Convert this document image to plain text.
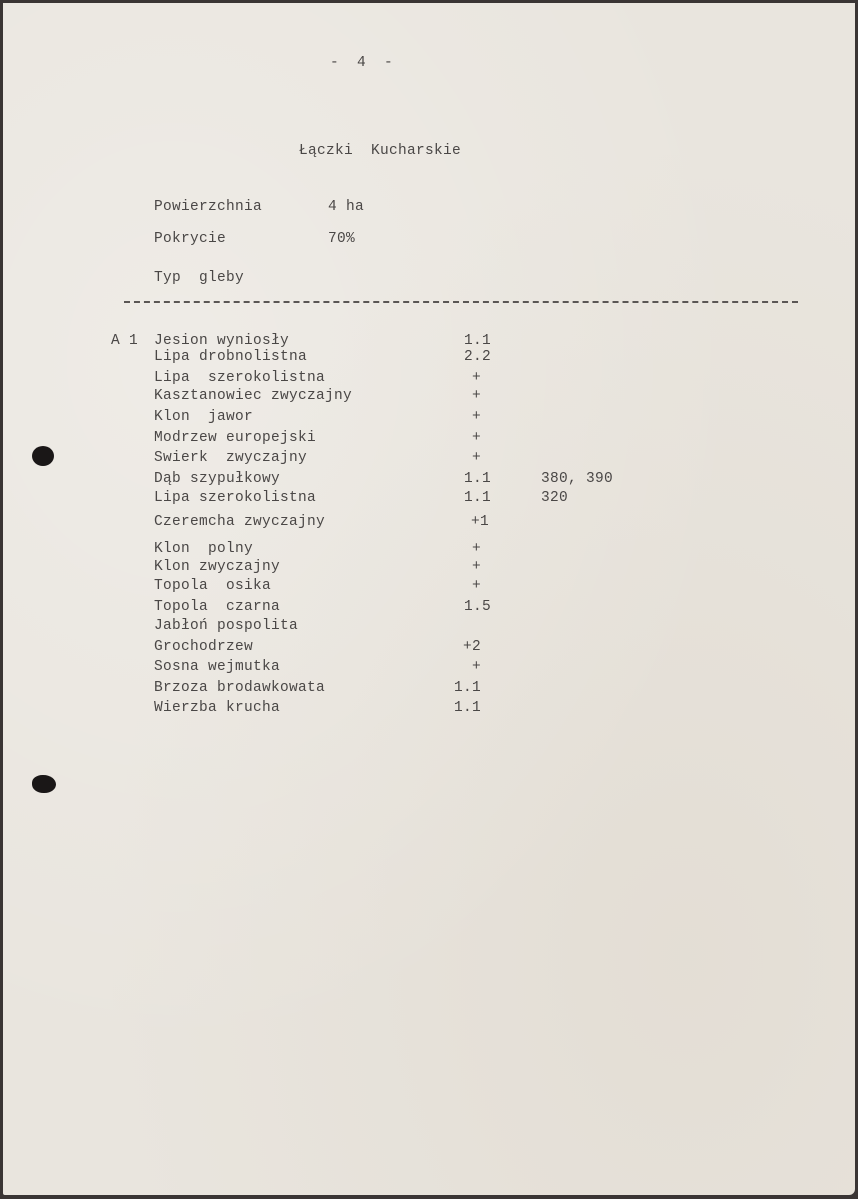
-  4  -
Łączki  Kucharskie
Powierzchnia	4 ha
Pokrycie	70%
Typ  gleby
A 1 Jesion wyniosły	1.1
Lipa drobnolistna	2.2
Lipa  szerokolistna	+
Kasztanowiec zwyczajny	+
Klon  jawor	+
Modrzew europejski	+
Swierk  zwyczajny	+
Dąb szypułkowy	1.1	380, 390
Lipa szerokolistna	1.1	320
Czeremcha zwyczajny	+1
Klon  polny	+
Klon zwyczajny	+
Topola  osika	+
Topola  czarna	1.5
Jabłoń pospolita
Grochodrzew	+2
Sosna wejmutka	+
Brzoza brodawkowata	1.1
Wierzba krucha	1.1
